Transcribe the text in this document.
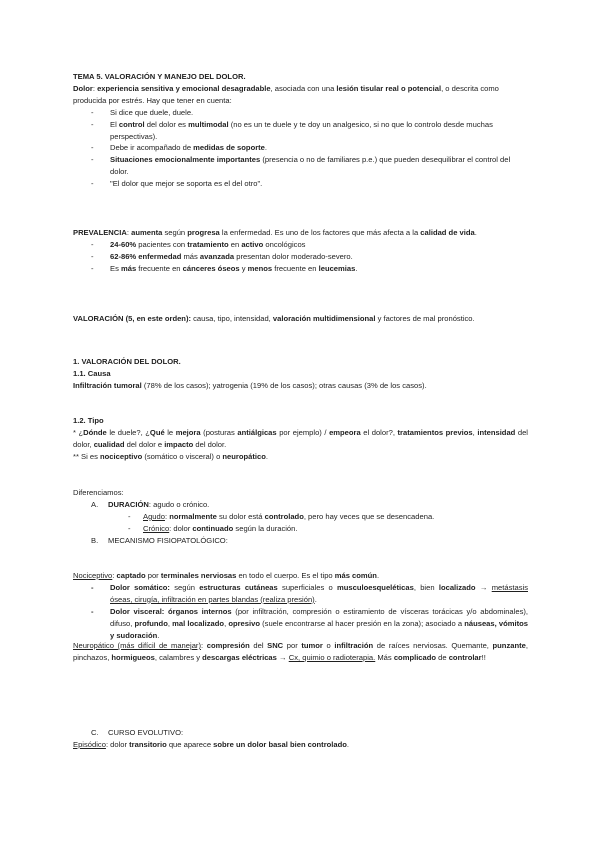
TEMA 5. VALORACIÓN Y MANEJO DEL DOLOR.

Dolor: experiencia sensitiva y emocional desagradable, asociada con una lesión tisular real o potencial, o descrita como producida por estrés. Hay que tener en cuenta:

- Si dice que duele, duele.
- El control del dolor es multimodal (no es un te duele y te doy un analgesico, si no que lo controlo desde muchas perspectivas).
- Debe ir acompañado de medidas de soporte.
- Situaciones emocionalmente importantes (presencia o no de familiares p.e.) que pueden desequilibrar el control del dolor.
- "El dolor que mejor se soporta es el del otro".

PREVALENCIA: aumenta según progresa la enfermedad. Es uno de los factores que más afecta a la calidad de vida.

- 24-60% pacientes con tratamiento en activo oncológicos
- 62-86% enfermedad más avanzada presentan dolor moderado-severo.
- Es más frecuente en cánceres óseos y menos frecuente en leucemias.

VALORACIÓN (5, en este orden): causa, tipo, intensidad, valoración multidimensional y factores de mal pronóstico.

1. VALORACIÓN DEL DOLOR.

1.1. Causa

Infiltración tumoral (78% de los casos); yatrogenia (19% de los casos); otras causas (3% de los casos).

1.2. Tipo

* ¿Dónde le duele?, ¿Qué le mejora (posturas antiálgicas por ejemplo) / empeora el dolor?, tratamientos previos, intensidad del dolor, cualidad del dolor e impacto del dolor.

** Si es nociceptivo (somático o visceral) o neuropático.

Diferenciamos:

A. DURACIÓN: agudo o crónico.
- Agudo: normalmente su dolor está controlado, pero hay veces que se desencadena.
- Crónico: dolor continuado según la duración.
B. MECANISMO FISIOPATOLÓGICO:

Nociceptivo: captado por terminales nerviosas en todo el cuerpo. Es el tipo más común.

- Dolor somático: según estructuras cutáneas superficiales o musculoesqueléticas, bien localizado → metástasis óseas, cirugía, infiltración en partes blandas (realiza presión).
- Dolor visceral: órganos internos (por infiltración, compresión o estiramiento de vísceras torácicas y/o abdominales), difuso, profundo, mal localizado, opresivo (suele encontrarse al hacer presión en la zona); asociado a náuseas, vómitos y sudoración.

Neuropático (más difícil de manejar): compresión del SNC por tumor o infiltración de raíces nerviosas. Quemante, punzante, pinchazos, hormigueos, calambres y descargas eléctricas → Cx, quimio o radioterapia. Más complicado de controlar!!

C. CURSO EVOLUTIVO:

Episódico: dolor transitorio que aparece sobre un dolor basal bien controlado.
